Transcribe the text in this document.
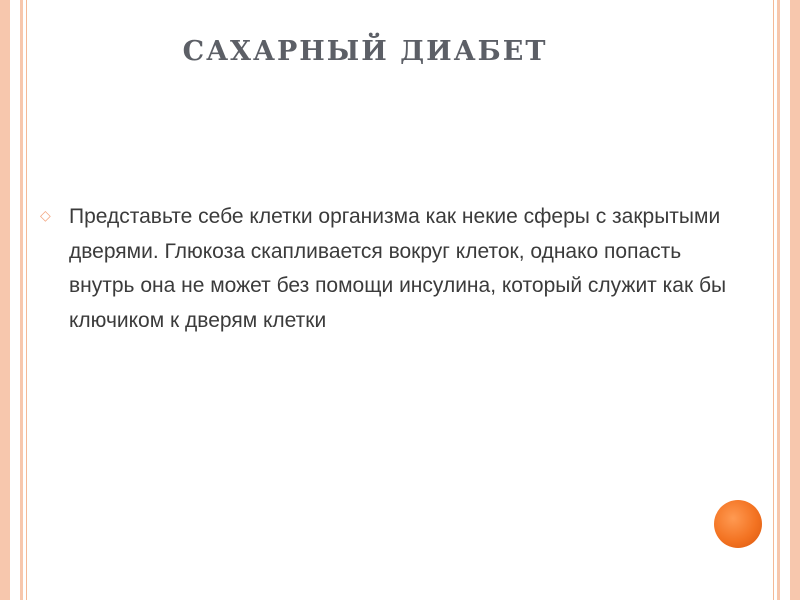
САХАРНЫЙ ДИАБЕТ
◇ Представьте себе клетки организма как некие сферы с закрытыми дверями. Глюкоза скапливается вокруг клеток, однако попасть внутрь она не может без помощи инсулина, который служит как бы ключиком к дверям клетки
